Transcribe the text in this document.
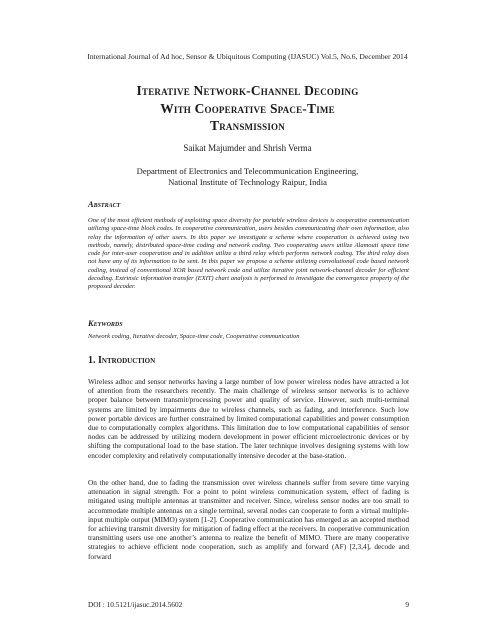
International Journal of Ad hoc, Sensor & Ubiquitous Computing (IJASUC) Vol.5, No.6, December 2014
Iterative Network-Channel Decoding
With Cooperative Space-Time
Transmission
Saikat Majumder and Shrish Verma
Department of Electronics and Telecommunication Engineering,
National Institute of Technology Raipur, India
Abstract
One of the most efficient methods of exploiting space diversity for portable wireless devices is cooperative communication utilizing space-time block codes. In cooperative communication, users besides communicating their own information, also relay the information of other users. In this paper we investigate a scheme where cooperation is achieved using two methods, namely, distributed space-time coding and network coding. Two cooperating users utilize Alamouti space time code for inter-user cooperation and in addition utilize a third relay which performs network coding. The third relay does not have any of its information to be sent. In this paper we propose a scheme utilizing convolutional code based network coding, instead of conventional XOR based network code and utilize iterative joint network-channel decoder for efficient decoding. Extrinsic information transfer (EXIT) chart analysis is performed to investigate the convergence property of the proposed decoder.
Keywords
Network coding, Iterative decoder, Space-time code, Cooperative communication
1. Introduction
Wireless adhoc and sensor networks having a large number of low power wireless nodes have attracted a lot of attention from the researchers recently. The main challenge of wireless sensor networks is to achieve proper balance between transmit/processing power and quality of service. However, such multi-terminal systems are limited by impairments due to wireless channels, such as fading, and interference. Such low power portable devices are further constrained by limited computational capabilities and power consumption due to computationally complex algorithms. This limitation due to low computational capabilities of sensor nodes can be addressed by utilizing modern development in power efficient microelectronic devices or by shifting the computational load to the base station. The later technique involves designing systems with low encoder complexity and relatively computationally intensive decoder at the base-station.
On the other hand, due to fading the transmission over wireless channels suffer from severe time varying attenuation in signal strength. For a point to point wireless communication system, effect of fading is mitigated using multiple antennas at transmitter and receiver. Since, wireless sensor nodes are too small to accommodate multiple antennas on a single terminal, several nodes can cooperate to form a virtual multiple-input multiple output (MIMO) system [1-2]. Cooperative communication has emerged as an accepted method for achieving transmit diversity for mitigation of fading effect at the receivers. In cooperative communication transmitting users use one another’s antenna to realize the benefit of MIMO. There are many cooperative strategies to achieve efficient node cooperation, such as amplify and forward (AF) [2,3,4], decode and forward
DOI : 10.5121/ijasuc.2014.5602	9
